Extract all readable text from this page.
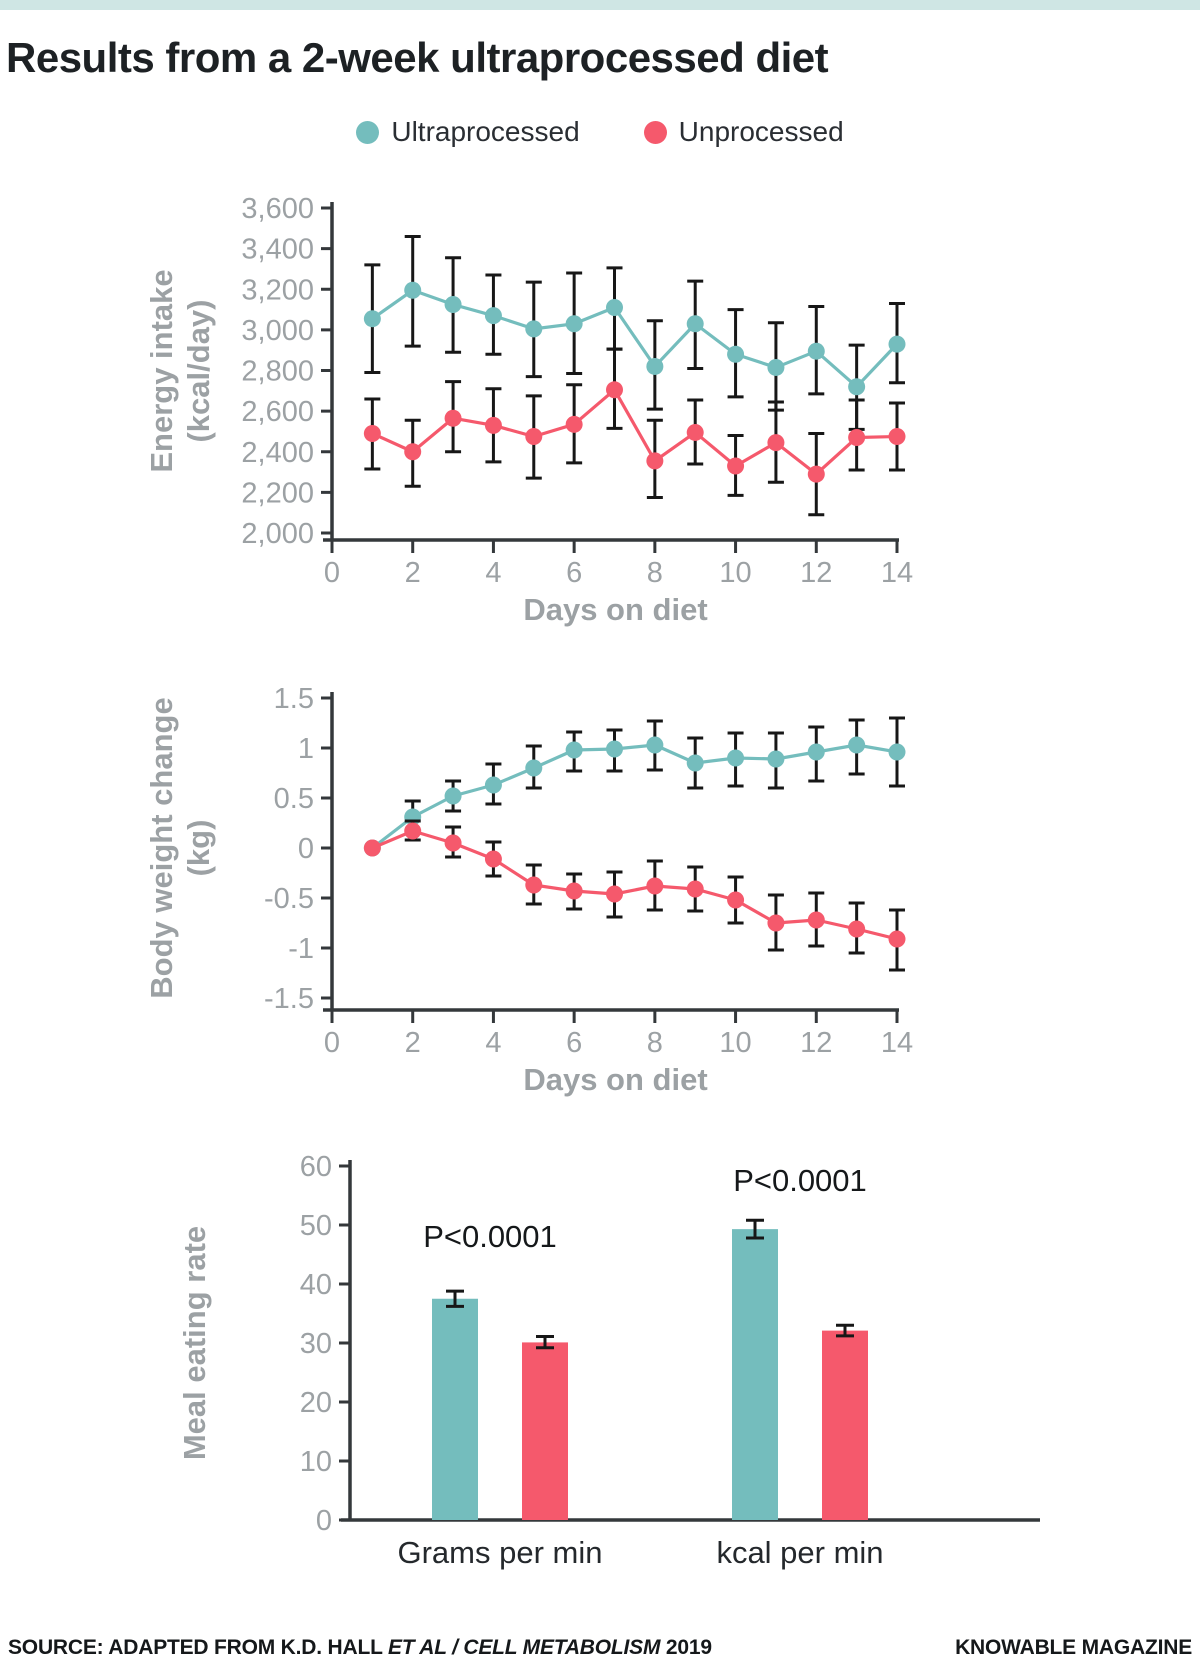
Results from a 2-week ultraprocessed diet
Ultraprocessed	Unprocessed
3,600
3,400
3,200
3,000
2,800
2,600
2,400
2,200
2,000
Energy intake (kcal/day)
0 2 4 6 8 10 12 14
Days on diet
1.5
1
0.5
0
-0.5
-1
-1.5
Body weight change (kg)
0 2 4 6 8 10 12 14
Days on diet
60
50
40
30
20
10
0
Meal eating rate
Grams per min	kcal per min
P<0.0001
P<0.0001
SOURCE: ADAPTED FROM K.D. HALL ET AL / CELL METABOLISM 2019	KNOWABLE MAGAZINE
